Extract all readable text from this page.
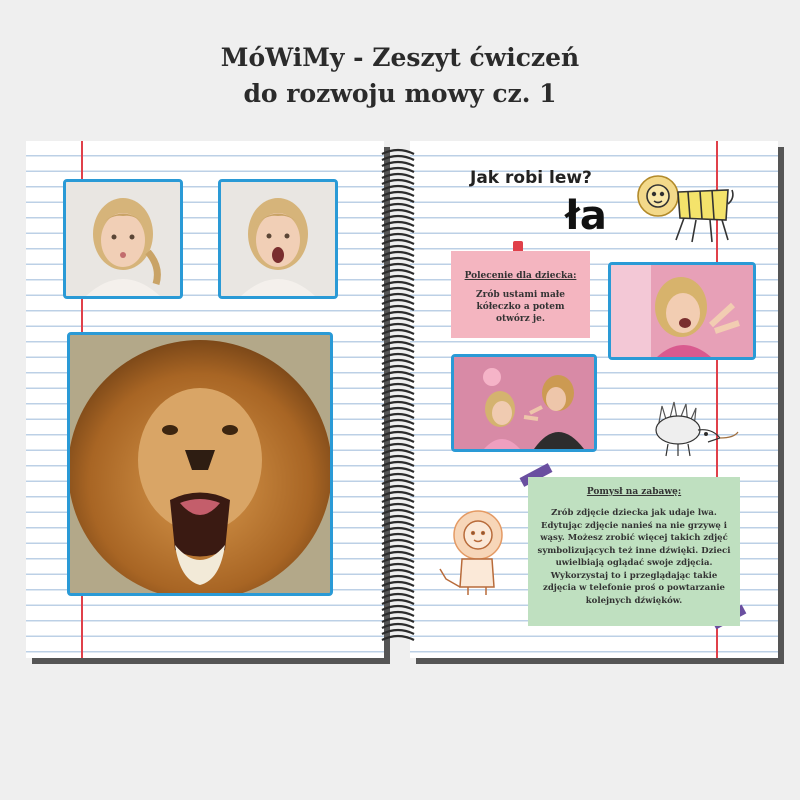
MóWiMy - Zeszyt ćwiczeń
do rozwoju mowy cz. 1
Jak robi lew?
ła
Polecenie dla dziecka:
Zrób ustami małe kółeczko a potem otwórz je.
Pomysł na zabawę:
Zrób zdjęcie dziecka jak udaje lwa. Edytując zdjęcie nanieś na nie grzywę i wąsy. Możesz zrobić więcej takich zdjęć symbolizujących też inne dźwięki. Dzieci uwielbiają oglądać swoje zdjęcia. Wykorzystaj to i przeglądając takie zdjęcia w telefonie proś o powtarzanie kolejnych dźwięków.
